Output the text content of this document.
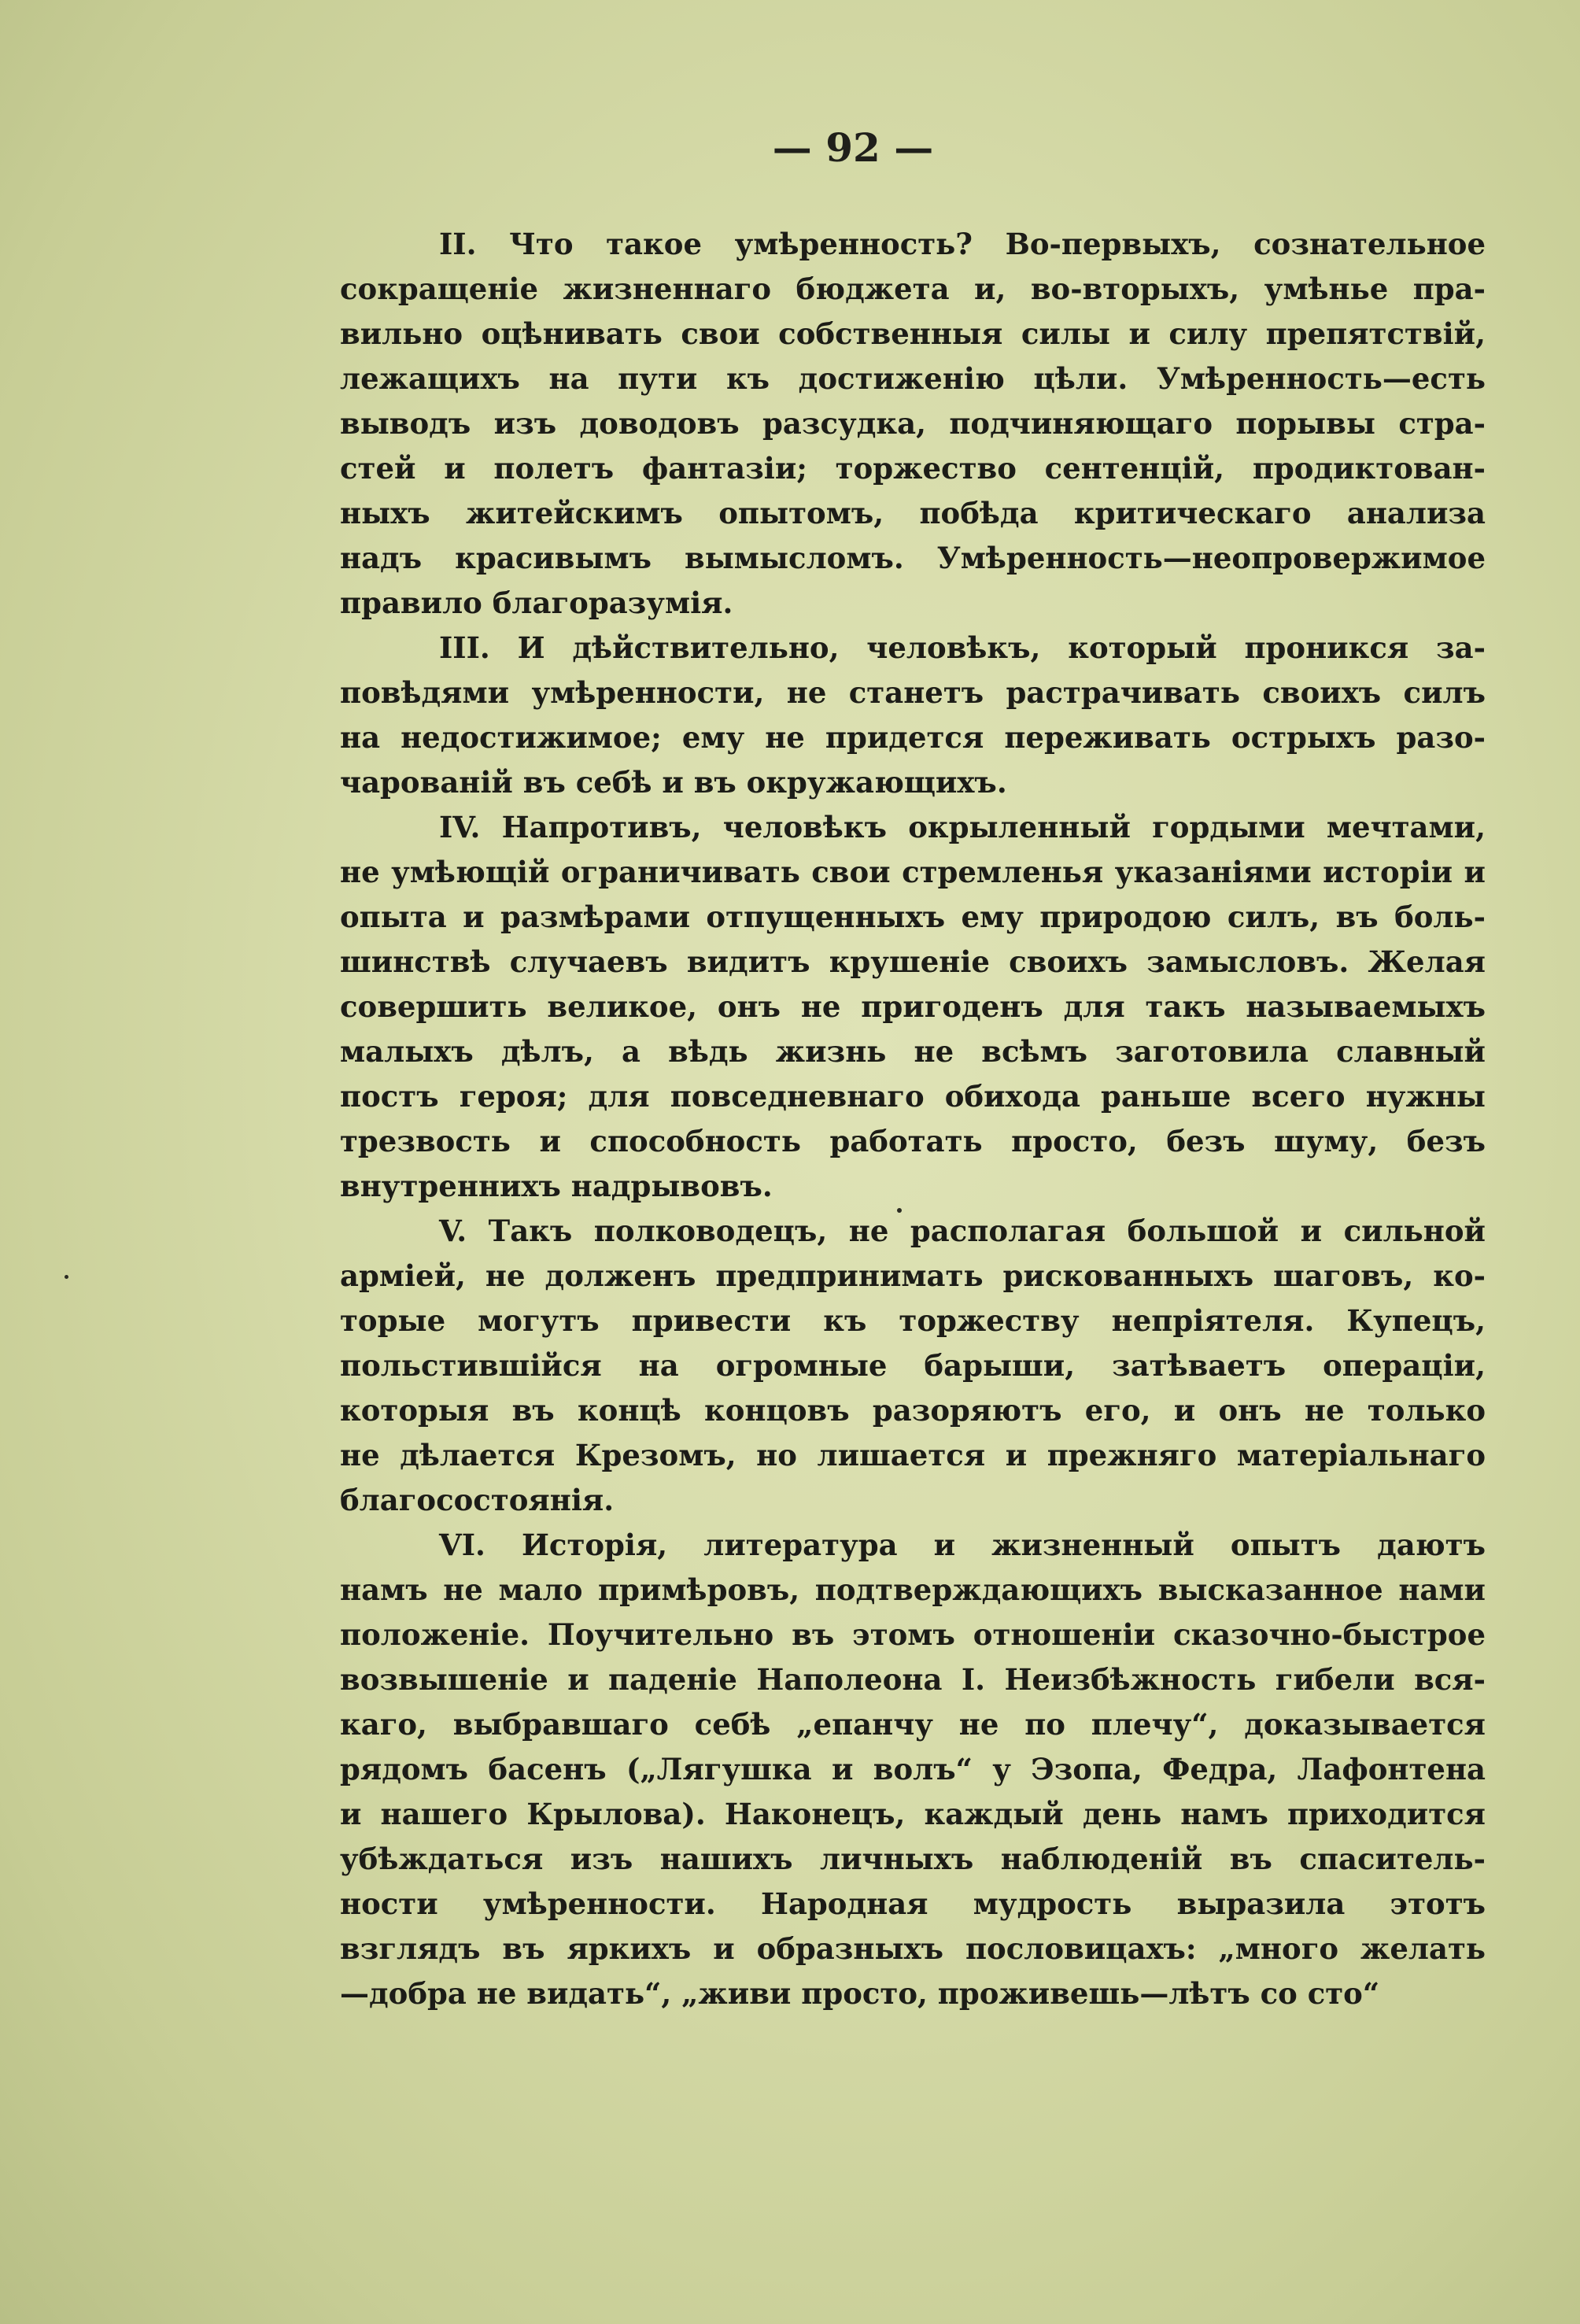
— 92 —
II. Что такое умѣренность? Во-первыхъ, сознательное
сокращеніе жизненнаго бюджета и, во-вторыхъ, умѣнье пра-
вильно оцѣнивать свои собственныя силы и силу препятствій,
лежащихъ на пути къ достиженію цѣли. Умѣренность—есть
выводъ изъ доводовъ разсудка, подчиняющаго порывы стра-
стей и полетъ фантазіи; торжество сентенцій, продиктован-
ныхъ житейскимъ опытомъ, побѣда критическаго анализа
надъ красивымъ вымысломъ. Умѣренность—неопровержимое
правило благоразумія.
III. И дѣйствительно, человѣкъ, который проникся за-
повѣдями умѣренности, не станетъ растрачивать своихъ силъ
на недостижимое; ему не придется переживать острыхъ разо-
чарованій въ себѣ и въ окружающихъ.
IV. Напротивъ, человѣкъ окрыленный гордыми мечтами,
не умѣющій ограничивать свои стремленья указаніями исторіи и
опыта и размѣрами отпущенныхъ ему природою силъ, въ боль-
шинствѣ случаевъ видитъ крушеніе своихъ замысловъ. Желая
совершить великое, онъ не пригоденъ для такъ называемыхъ
малыхъ дѣлъ, а вѣдь жизнь не всѣмъ заготовила славный
постъ героя; для повседневнаго обихода раньше всего нужны
трезвость и способность работать просто, безъ шуму, безъ
внутреннихъ надрывовъ.
V. Такъ полководецъ, не располагая большой и сильной
арміей, не долженъ предпринимать рискованныхъ шаговъ, ко-
торые могутъ привести къ торжеству непріятеля. Купецъ,
польстившійся на огромные барыши, затѣваетъ операціи,
которыя въ концѣ концовъ разоряютъ его, и онъ не только
не дѣлается Крезомъ, но лишается и прежняго матеріальнаго
благосостоянія.
VI. Исторія, литература и жизненный опытъ даютъ
намъ не мало примѣровъ, подтверждающихъ высказанное нами
положеніе. Поучительно въ этомъ отношеніи сказочно-быстрое
возвышеніе и паденіе Наполеона I. Неизбѣжность гибели вся-
каго, выбравшаго себѣ „епанчу не по плечу“, доказывается
рядомъ басенъ („Лягушка и волъ“ у Эзопа, Федра, Лафонтена
и нашего Крылова). Наконецъ, каждый день намъ приходится
убѣждаться изъ нашихъ личныхъ наблюденій въ спаситель-
ности умѣренности. Народная мудрость выразила этотъ
взглядъ въ яркихъ и образныхъ пословицахъ: „много желать
—добра не видать“, „живи просто, проживешь—лѣтъ со сто“
